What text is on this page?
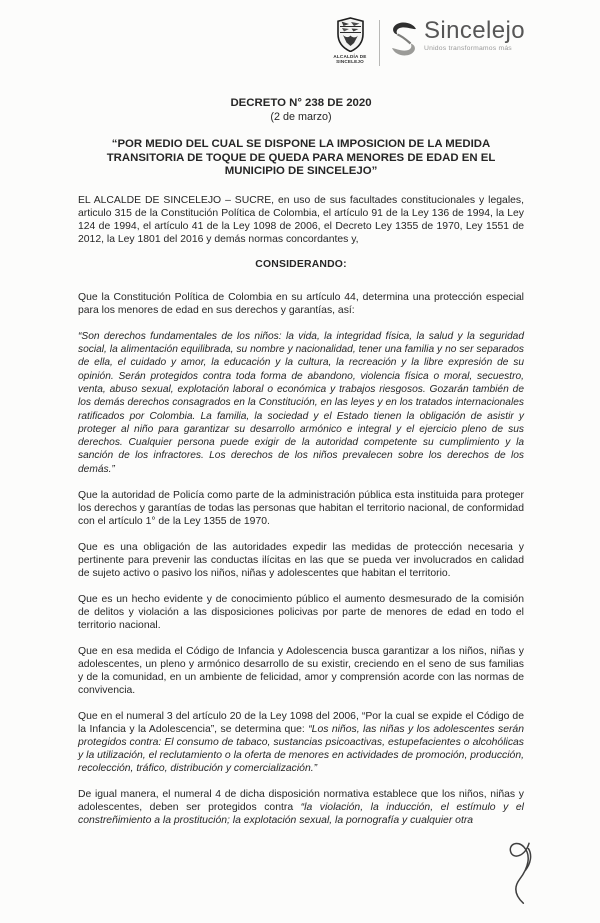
ALCALDÍA DE
SINCELEJO
Sincelejo
Unidos transformamos más

DECRETO N° 238 DE 2020

(2 de marzo)

“POR MEDIO DEL CUAL SE DISPONE LA IMPOSICION DE LA MEDIDA TRANSITORIA DE TOQUE DE QUEDA PARA MENORES DE EDAD EN EL MUNICIPIO DE SINCELEJO”

EL ALCALDE DE SINCELEJO – SUCRE, en uso de sus facultades constitucionales y legales, articulo 315 de la Constitución Política de Colombia, el artículo 91 de la Ley 136 de 1994, la Ley 124 de 1994, el artículo 41 de la Ley 1098 de 2006, el Decreto Ley 1355 de 1970, Ley 1551 de 2012, la Ley 1801 del 2016 y demás normas concordantes y,

CONSIDERANDO:

Que la Constitución Política de Colombia en su artículo 44, determina una protección especial para los menores de edad en sus derechos y garantías, así:

“Son derechos fundamentales de los niños: la vida, la integridad física, la salud y la seguridad social, la alimentación equilibrada, su nombre y nacionalidad, tener una familia y no ser separados de ella, el cuidado y amor, la educación y la cultura, la recreación y la libre expresión de su opinión. Serán protegidos contra toda forma de abandono, violencia física o moral, secuestro, venta, abuso sexual, explotación laboral o económica y trabajos riesgosos. Gozarán también de los demás derechos consagrados en la Constitución, en las leyes y en los tratados internacionales ratificados por Colombia. La familia, la sociedad y el Estado tienen la obligación de asistir y proteger al niño para garantizar su desarrollo armónico e integral y el ejercicio pleno de sus derechos. Cualquier persona puede exigir de la autoridad competente su cumplimiento y la sanción de los infractores. Los derechos de los niños prevalecen sobre los derechos de los demás.”

Que la autoridad de Policía como parte de la administración pública esta instituida para proteger los derechos y garantías de todas las personas que habitan el territorio nacional, de conformidad con el artículo 1° de la Ley 1355 de 1970.

Que es una obligación de las autoridades expedir las medidas de protección necesaria y pertinente para prevenir las conductas ilícitas en las que se pueda ver involucrados en calidad de sujeto activo o pasivo los niños, niñas y adolescentes que habitan el territorio.

Que es un hecho evidente y de conocimiento público el aumento desmesurado de la comisión de delitos y violación a las disposiciones policivas por parte de menores de edad en todo el territorio nacional.

Que en esa medida el Código de Infancia y Adolescencia busca garantizar a los niños, niñas y adolescentes, un pleno y armónico desarrollo de su existir, creciendo en el seno de sus familias y de la comunidad, en un ambiente de felicidad, amor y comprensión acorde con las normas de convivencia.

Que en el numeral 3 del artículo 20 de la Ley 1098 del 2006, “Por la cual se expide el Código de la Infancia y la Adolescencia”, se determina que: “Los niños, las niñas y los adolescentes serán protegidos contra: El consumo de tabaco, sustancias psicoactivas, estupefacientes o alcohólicas y la utilización, el reclutamiento o la oferta de menores en actividades de promoción, producción, recolección, tráfico, distribución y comercialización.”

De igual manera, el numeral 4 de dicha disposición normativa establece que los niños, niñas y adolescentes, deben ser protegidos contra “la violación, la inducción, el estímulo y el constreñimiento a la prostitución; la explotación sexual, la pornografía y cualquier otra
